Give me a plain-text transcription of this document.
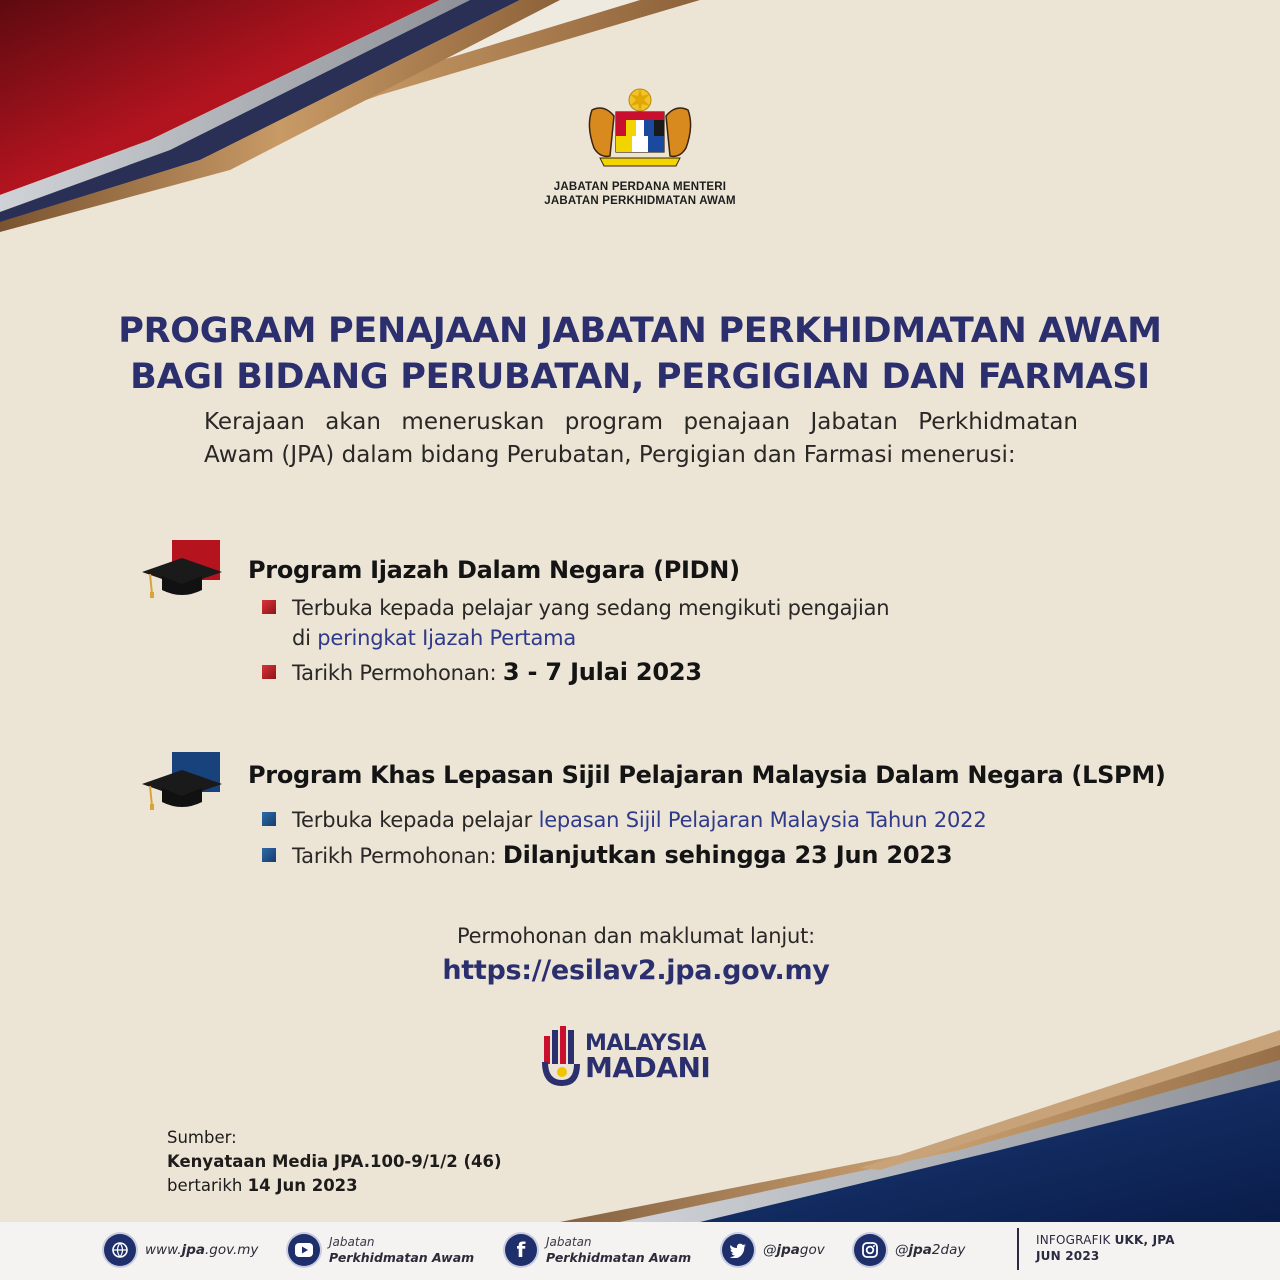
JABATAN PERDANA MENTERI
JABATAN PERKHIDMATAN AWAM
PROGRAM PENAJAAN JABATAN PERKHIDMATAN AWAM
BAGI BIDANG PERUBATAN, PERGIGIAN DAN FARMASI
Kerajaan akan meneruskan program penajaan Jabatan Perkhidmatan
Awam (JPA) dalam bidang Perubatan, Pergigian dan Farmasi menerusi:
Program Ijazah Dalam Negara (PIDN)
Terbuka kepada pelajar yang sedang mengikuti pengajian
di peringkat Ijazah Pertama
Tarikh Permohonan: 3 - 7 Julai 2023
Program Khas Lepasan Sijil Pelajaran Malaysia Dalam Negara (LSPM)
Terbuka kepada pelajar lepasan Sijil Pelajaran Malaysia Tahun 2022
Tarikh Permohonan: Dilanjutkan sehingga 23 Jun 2023
Permohonan dan maklumat lanjut:
https://esilav2.jpa.gov.my
MALAYSIA
MADANI
Sumber:
Kenyataan Media JPA.100-9/1/2 (46)
bertarikh 14 Jun 2023
www.jpa.gov.my	Jabatan
Perkhidmatan Awam f Jabatan
Perkhidmatan Awam	@jpagov	@jpa2day
INFOGRAFIK UKK, JPA
JUN 2023
